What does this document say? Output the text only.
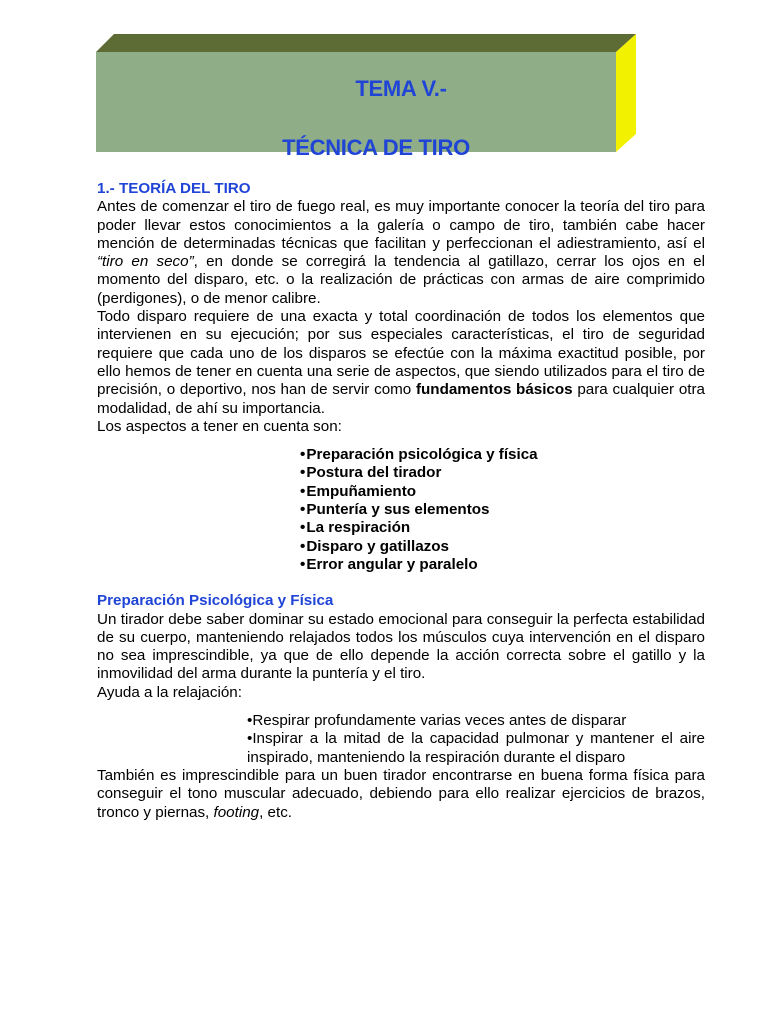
TEMA V.-
TÉCNICA DE TIRO
1.- TEORÍA DEL TIRO

Antes de comenzar el tiro de fuego real, es muy importante conocer la teoría del tiro para poder llevar estos conocimientos a la galería o campo de tiro, también cabe hacer mención de determinadas técnicas que facilitan y perfeccionan el adiestramiento, así el “tiro en seco”, en donde se corregirá la tendencia al gatillazo, cerrar los ojos en el momento del disparo, etc. o la realización de prácticas con armas de aire comprimido (perdigones), o de menor calibre.

Todo disparo requiere de una exacta y total coordinación de todos los elementos que intervienen en su ejecución; por sus especiales características, el tiro de seguridad requiere que cada uno de los disparos se efectúe con la máxima exactitud posible, por ello hemos de tener en cuenta una serie de aspectos, que siendo utilizados para el tiro de precisión, o deportivo, nos han de servir como fundamentos básicos para cualquier otra modalidad, de ahí su importancia.

Los aspectos a tener en cuenta son:

•Preparación psicológica y física
•Postura del tirador
•Empuñamiento
•Puntería y sus elementos
•La respiración
•Disparo y gatillazos
•Error angular y paralelo
Preparación Psicológica y Física

Un tirador debe saber dominar su estado emocional para conseguir la perfecta estabilidad de su cuerpo, manteniendo relajados todos los músculos cuya intervención en el disparo no sea imprescindible, ya que de ello depende la acción correcta sobre el gatillo y la inmovilidad del arma durante la puntería y el tiro.

Ayuda a la relajación:

•Respirar profundamente varias veces antes de disparar
•Inspirar a la mitad de la capacidad pulmonar y mantener el aire inspirado, manteniendo la respiración durante el disparo

También es imprescindible para un buen tirador encontrarse en buena forma física para conseguir el tono muscular adecuado, debiendo para ello realizar ejercicios de brazos, tronco y piernas, footing, etc.
